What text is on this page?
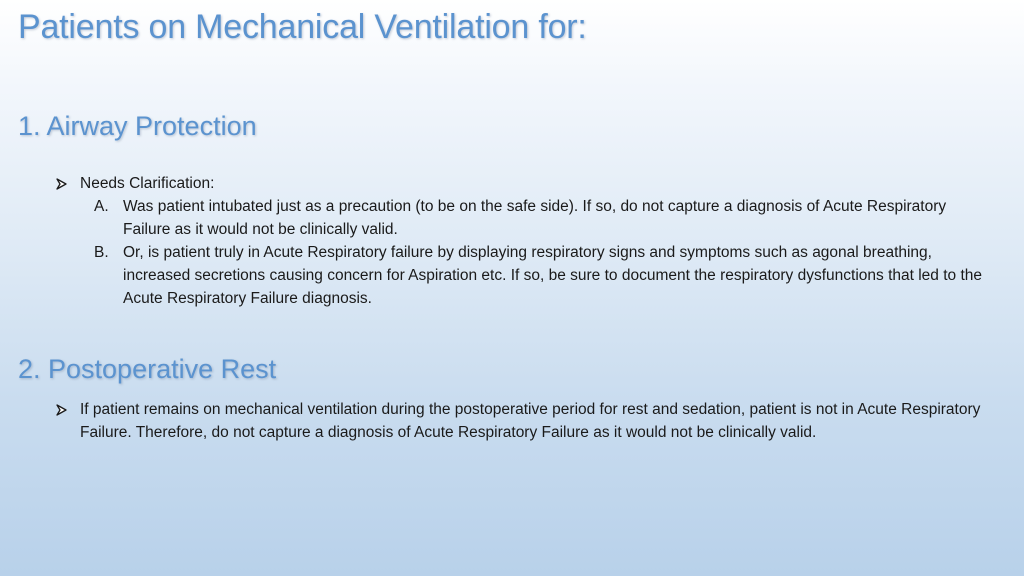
Patients on Mechanical Ventilation for:
1. Airway Protection
Needs Clarification:
A. Was patient intubated just as a precaution (to be on the safe side). If so, do not capture a diagnosis of Acute Respiratory Failure as it would not be clinically valid.
B. Or, is patient truly in Acute Respiratory failure by displaying respiratory signs and symptoms such as agonal breathing, increased secretions causing concern for Aspiration etc. If so, be sure to document the respiratory dysfunctions that led to the Acute Respiratory Failure diagnosis.
2. Postoperative Rest
If patient remains on mechanical ventilation during the postoperative period for rest and sedation, patient is not in Acute Respiratory Failure. Therefore, do not capture a diagnosis of Acute Respiratory Failure as it would not be clinically valid.
